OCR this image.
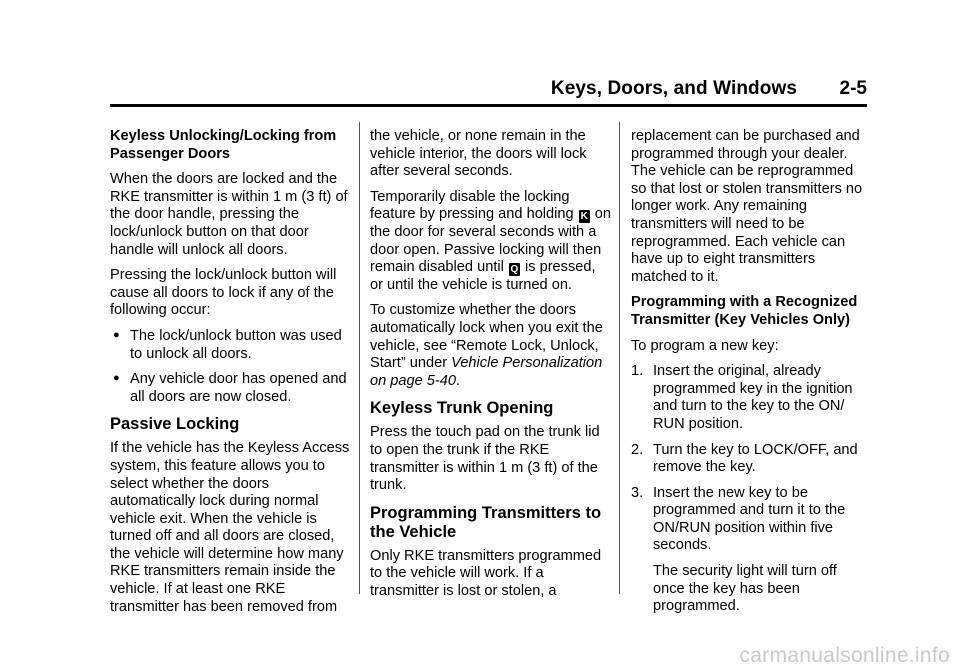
Keys, Doors, and Windows 2-5
Keyless Unlocking/Locking from Passenger Doors

When the doors are locked and the RKE transmitter is within 1 m (3 ft) of the door handle, pressing the lock/unlock button on that door handle will unlock all doors.

Pressing the lock/unlock button will cause all doors to lock if any of the following occur:

● The lock/unlock button was used to unlock all doors.
● Any vehicle door has opened and all doors are now closed.
Passive Locking

If the vehicle has the Keyless Access system, this feature allows you to select whether the doors automatically lock during normal vehicle exit. When the vehicle is turned off and all doors are closed, the vehicle will determine how many RKE transmitters remain inside the vehicle. If at least one RKE transmitter has been removed from

the vehicle, or none remain in the vehicle interior, the doors will lock after several seconds.

Temporarily disable the locking feature by pressing and holding K on the door for several seconds with a door open. Passive locking will then remain disabled until Q is pressed, or until the vehicle is turned on.

To customize whether the doors automatically lock when you exit the vehicle, see “Remote Lock, Unlock, Start” under Vehicle Personalization on page 5-40.

Keyless Trunk Opening

Press the touch pad on the trunk lid to open the trunk if the RKE transmitter is within 1 m (3 ft) of the trunk.

Programming Transmitters to the Vehicle

Only RKE transmitters programmed to the vehicle will work. If a transmitter is lost or stolen, a

replacement can be purchased and programmed through your dealer. The vehicle can be reprogrammed so that lost or stolen transmitters no longer work. Any remaining transmitters will need to be reprogrammed. Each vehicle can have up to eight transmitters matched to it.

Programming with a Recognized Transmitter (Key Vehicles Only)

To program a new key:

1. Insert the original, already programmed key in the ignition and turn to the key to the ON/ RUN position.
2. Turn the key to LOCK/OFF, and remove the key.
3. Insert the new key to be programmed and turn it to the ON/RUN position within five seconds.

The security light will turn off once the key has been programmed.

carmanualsonline.info
